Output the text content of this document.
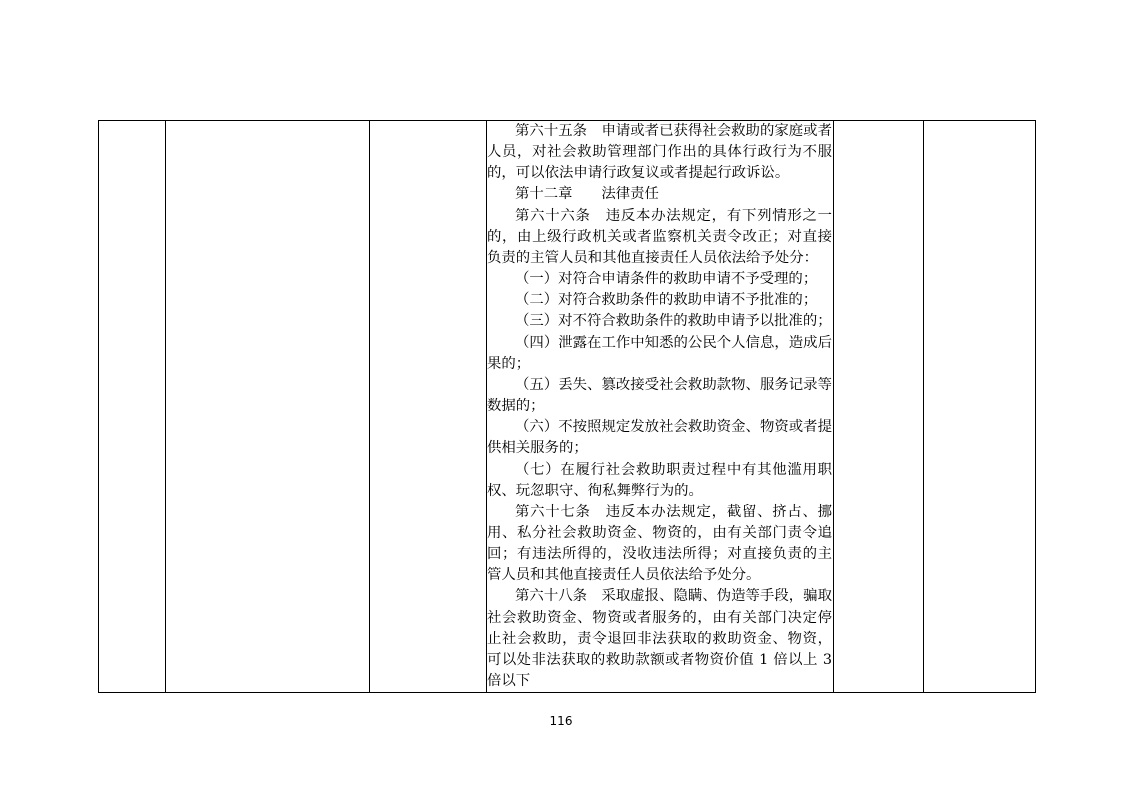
第六十五条　申请或者已获得社会救助的家庭或者人员，对社会救助管理部门作出的具体行政行为不服的，可以依法申请行政复议或者提起行政诉讼。

第十二章　　法律责任

第六十六条　违反本办法规定，有下列情形之一的，由上级行政机关或者监察机关责令改正；对直接负责的主管人员和其他直接责任人员依法给予处分：

（一）对符合申请条件的救助申请不予受理的；

（二）对符合救助条件的救助申请不予批准的；

（三）对不符合救助条件的救助申请予以批准的；

（四）泄露在工作中知悉的公民个人信息，造成后果的；

（五）丢失、篡改接受社会救助款物、服务记录等数据的；

（六）不按照规定发放社会救助资金、物资或者提供相关服务的；

（七）在履行社会救助职责过程中有其他滥用职权、玩忽职守、徇私舞弊行为的。

第六十七条　违反本办法规定，截留、挤占、挪用、私分社会救助资金、物资的，由有关部门责令追回；有违法所得的，没收违法所得；对直接负责的主管人员和其他直接责任人员依法给予处分。

第六十八条　采取虚报、隐瞒、伪造等手段，骗取社会救助资金、物资或者服务的，由有关部门决定停止社会救助，责令退回非法获取的救助资金、物资，可以处非法获取的救助款额或者物资价值 1 倍以上 3 倍以下

116
